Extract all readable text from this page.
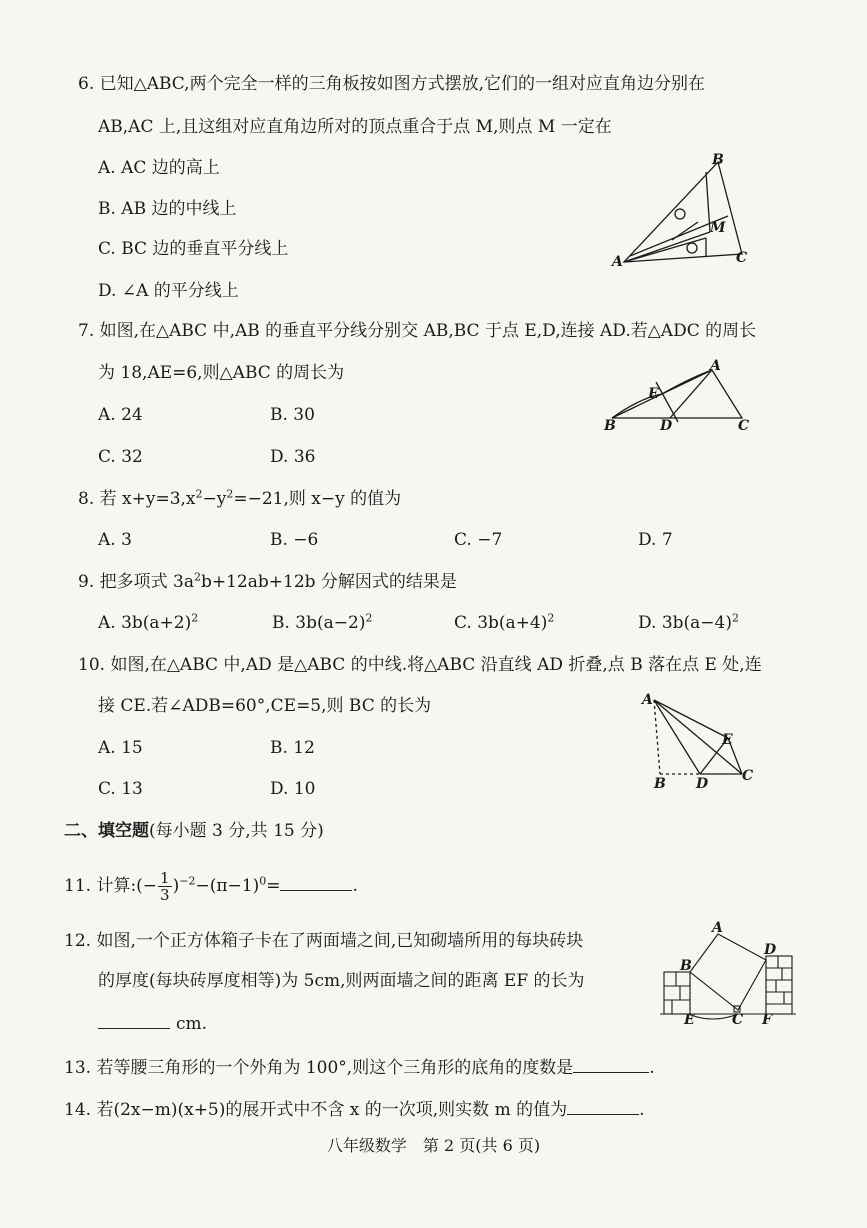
6. 已知△ABC,两个完全一样的三角板按如图方式摆放,它们的一组对应直角边分别在
AB,AC 上,且这组对应直角边所对的顶点重合于点 M,则点 M 一定在
A. AC 边的高上
B. AB 边的中线上
C. BC 边的垂直平分线上
D. ∠A 的平分线上
A
B
C
M
7. 如图,在△ABC 中,AB 的垂直平分线分别交 AB,BC 于点 E,D,连接 AD.若△ADC 的周长
为 18,AE=6,则△ABC 的周长为
A. 24	B. 30
C. 32	D. 36
B
A
C
D
E
8. 若 $x+y=3,x^2-y^2=-21$,则 x−y 的值为
A. 3	B. −6	C. −7	D. 7
9. 把多项式 $3a^2b+12ab+12b$ 分解因式的结果是
A. $3b(a+2)^2$	B. $3b(a-2)^2$	C. $3b(a+4)^2$	D. $3b(a-4)^2$
10. 如图,在△ABC 中,AD 是△ABC 的中线.将△ABC 沿直线 AD 折叠,点 B 落在点 E 处,连
接 CE.若∠ADB=60°,CE=5,则 BC 的长为
A. 15	B. 12
C. 13	D. 10
A
B	C
D
E
二、填空题(每小题 3 分,共 15 分)
11. 计算:(− $\frac{1}{3} )^{-2}-(\pi-1)^0=$	.
12. 如图,一个正方体箱子卡在了两面墙之间,已知砌墙所用的每块砖块
的厚度(每块砖厚度相等)为 5cm,则两面墙之间的距离 EF 的长为
cm.
A
B
C
D
E	F
13. 若等腰三角形的一个外角为 100°,则这个三角形的底角的度数是	.
14. 若(2x−m)(x+5)的展开式中不含 x 的一次项,则实数 m 的值为	.
八年级数学　第 2 页(共 6 页)
